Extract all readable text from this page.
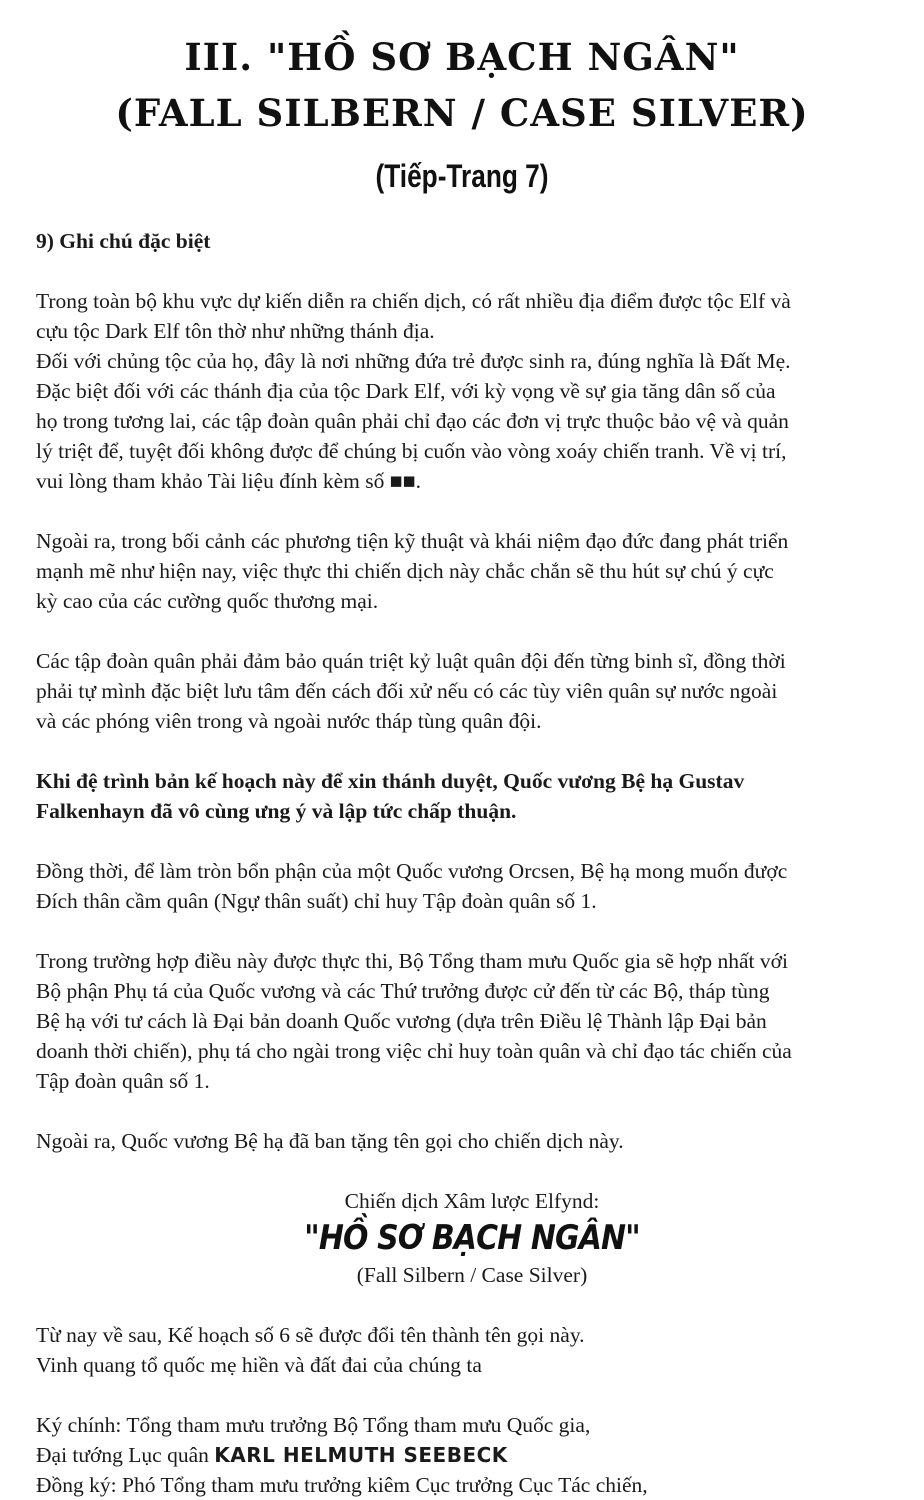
III. "HỒ SƠ BẠCH NGÂN"
(FALL SILBERN / CASE SILVER)
(Tiếp-Trang 7)

9) Ghi chú đặc biệt

Trong toàn bộ khu vực dự kiến diễn ra chiến dịch, có rất nhiều địa điểm được tộc Elf và

cựu tộc Dark Elf tôn thờ như những thánh địa.

Đối với chủng tộc của họ, đây là nơi những đứa trẻ được sinh ra, đúng nghĩa là Đất Mẹ.

Đặc biệt đối với các thánh địa của tộc Dark Elf, với kỳ vọng về sự gia tăng dân số của

họ trong tương lai, các tập đoàn quân phải chỉ đạo các đơn vị trực thuộc bảo vệ và quản

lý triệt để, tuyệt đối không được để chúng bị cuốn vào vòng xoáy chiến tranh. Về vị trí,

vui lòng tham khảo Tài liệu đính kèm số ■■.

Ngoài ra, trong bối cảnh các phương tiện kỹ thuật và khái niệm đạo đức đang phát triển

mạnh mẽ như hiện nay, việc thực thi chiến dịch này chắc chắn sẽ thu hút sự chú ý cực

kỳ cao của các cường quốc thương mại.

Các tập đoàn quân phải đảm bảo quán triệt kỷ luật quân đội đến từng binh sĩ, đồng thời

phải tự mình đặc biệt lưu tâm đến cách đối xử nếu có các tùy viên quân sự nước ngoài

và các phóng viên trong và ngoài nước tháp tùng quân đội.

Khi đệ trình bản kế hoạch này để xin thánh duyệt, Quốc vương Bệ hạ Gustav

Falkenhayn đã vô cùng ưng ý và lập tức chấp thuận.

Đồng thời, để làm tròn bổn phận của một Quốc vương Orcsen, Bệ hạ mong muốn được

Đích thân cầm quân (Ngự thân suất) chỉ huy Tập đoàn quân số 1.

Trong trường hợp điều này được thực thi, Bộ Tổng tham mưu Quốc gia sẽ hợp nhất với

Bộ phận Phụ tá của Quốc vương và các Thứ trưởng được cử đến từ các Bộ, tháp tùng

Bệ hạ với tư cách là Đại bản doanh Quốc vương (dựa trên Điều lệ Thành lập Đại bản

doanh thời chiến), phụ tá cho ngài trong việc chỉ huy toàn quân và chỉ đạo tác chiến của

Tập đoàn quân số 1.

Ngoài ra, Quốc vương Bệ hạ đã ban tặng tên gọi cho chiến dịch này.

Chiến dịch Xâm lược Elfynd:

"HỒ SƠ BẠCH NGÂN"

(Fall Silbern / Case Silver)

Từ nay về sau, Kế hoạch số 6 sẽ được đổi tên thành tên gọi này.

Vinh quang tổ quốc mẹ hiền và đất đai của chúng ta

Ký chính: Tổng tham mưu trưởng Bộ Tổng tham mưu Quốc gia,

Đại tướng Lục quân KARL HELMUTH SEEBECK

Đồng ký: Phó Tổng tham mưu trưởng kiêm Cục trưởng Cục Tác chiến,
